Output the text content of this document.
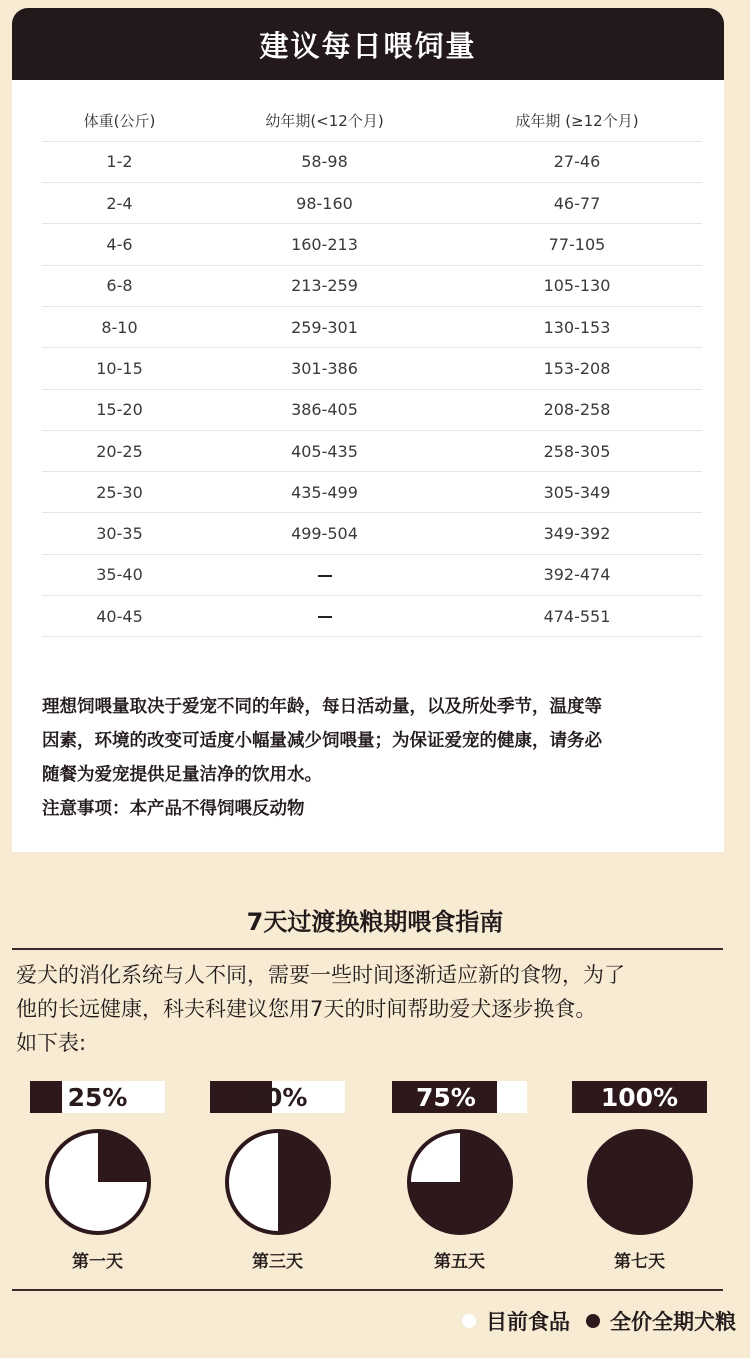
建议每日喂饲量
体重(公斤)	幼年期(<12个月)	成年期 (≥12个月)
1-2	58-98	27-46
2-4	98-160	46-77
4-6	160-213	77-105
6-8	213-259	105-130
8-10	259-301	130-153
10-15	301-386	153-208
15-20	386-405	208-258
20-25	405-435	258-305
25-30	435-499	305-349
30-35	499-504	349-392
35-40		392-474
40-45		474-551
理想饲喂量取决于爱宠不同的年龄，每日活动量，以及所处季节，温度等
因素，环境的改变可适度小幅量减少饲喂量；为保证爱宠的健康，请务必
随餐为爱宠提供足量洁净的饮用水。
注意事项：本产品不得饲喂反动物
7天过渡换粮期喂食指南
爱犬的消化系统与人不同，需要一些时间逐渐适应新的食物，为了
他的长远健康，科夫科建议您用7天的时间帮助爱犬逐步换食。
如下表:
25%
第一天
50%
第三天
75%
第五天
100%
第七天
目前食品 全价全期犬粮
